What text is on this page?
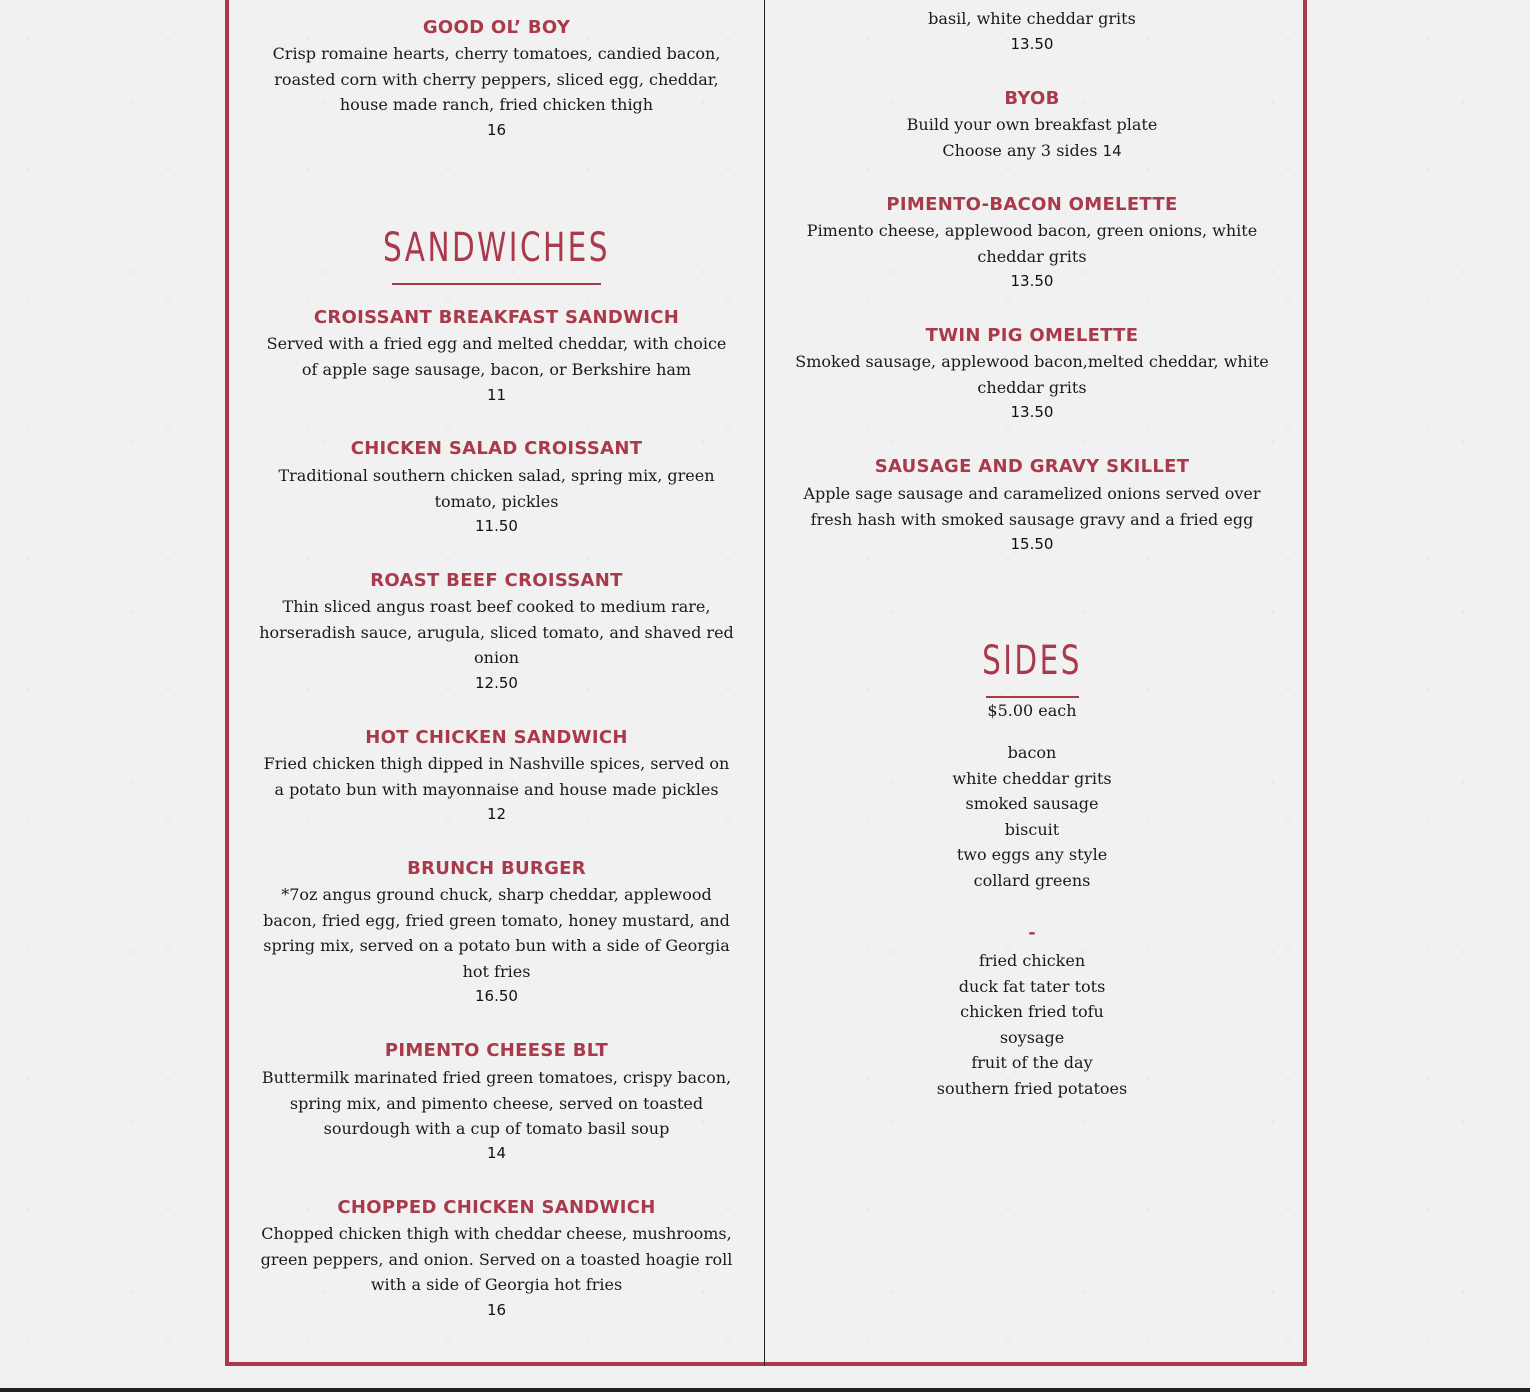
GOOD OL’ BOY

Crisp romaine hearts, cherry tomatoes, candied bacon, roasted corn with cherry peppers, sliced egg, cheddar, house made ranch, fried chicken thigh

16

SANDWICHES

CROISSANT BREAKFAST SANDWICH

Served with a fried egg and melted cheddar, with choice of apple sage sausage, bacon, or Berkshire ham

11

CHICKEN SALAD CROISSANT

Traditional southern chicken salad, spring mix, green tomato, pickles

11.50

ROAST BEEF CROISSANT

Thin sliced angus roast beef cooked to medium rare, horseradish sauce, arugula, sliced tomato, and shaved red onion

12.50

HOT CHICKEN SANDWICH

Fried chicken thigh dipped in Nashville spices, served on a potato bun with mayonnaise and house made pickles

12

BRUNCH BURGER

*7oz angus ground chuck, sharp cheddar, applewood bacon, fried egg, fried green tomato, honey mustard, and spring mix, served on a potato bun with a side of Georgia hot fries

16.50

PIMENTO CHEESE BLT

Buttermilk marinated fried green tomatoes, crispy bacon, spring mix, and pimento cheese, served on toasted sourdough with a cup of tomato basil soup

14

CHOPPED CHICKEN SANDWICH

Chopped chicken thigh with cheddar cheese, mushrooms, green peppers, and onion. Served on a toasted hoagie roll with a side of Georgia hot fries

16

basil, white cheddar grits

13.50

BYOB

Build your own breakfast plate

Choose any 3 sides 14

PIMENTO-BACON OMELETTE

Pimento cheese, applewood bacon, green onions, white cheddar grits

13.50

TWIN PIG OMELETTE

Smoked sausage, applewood bacon,melted cheddar, white cheddar grits

13.50

SAUSAGE AND GRAVY SKILLET

Apple sage sausage and caramelized onions served over fresh hash with smoked sausage gravy and a fried egg

15.50

SIDES

$5.00 each

bacon

white cheddar grits

smoked sausage

biscuit

two eggs any style

collard greens

-

fried chicken

duck fat tater tots

chicken fried tofu

soysage

fruit of the day

southern fried potatoes
